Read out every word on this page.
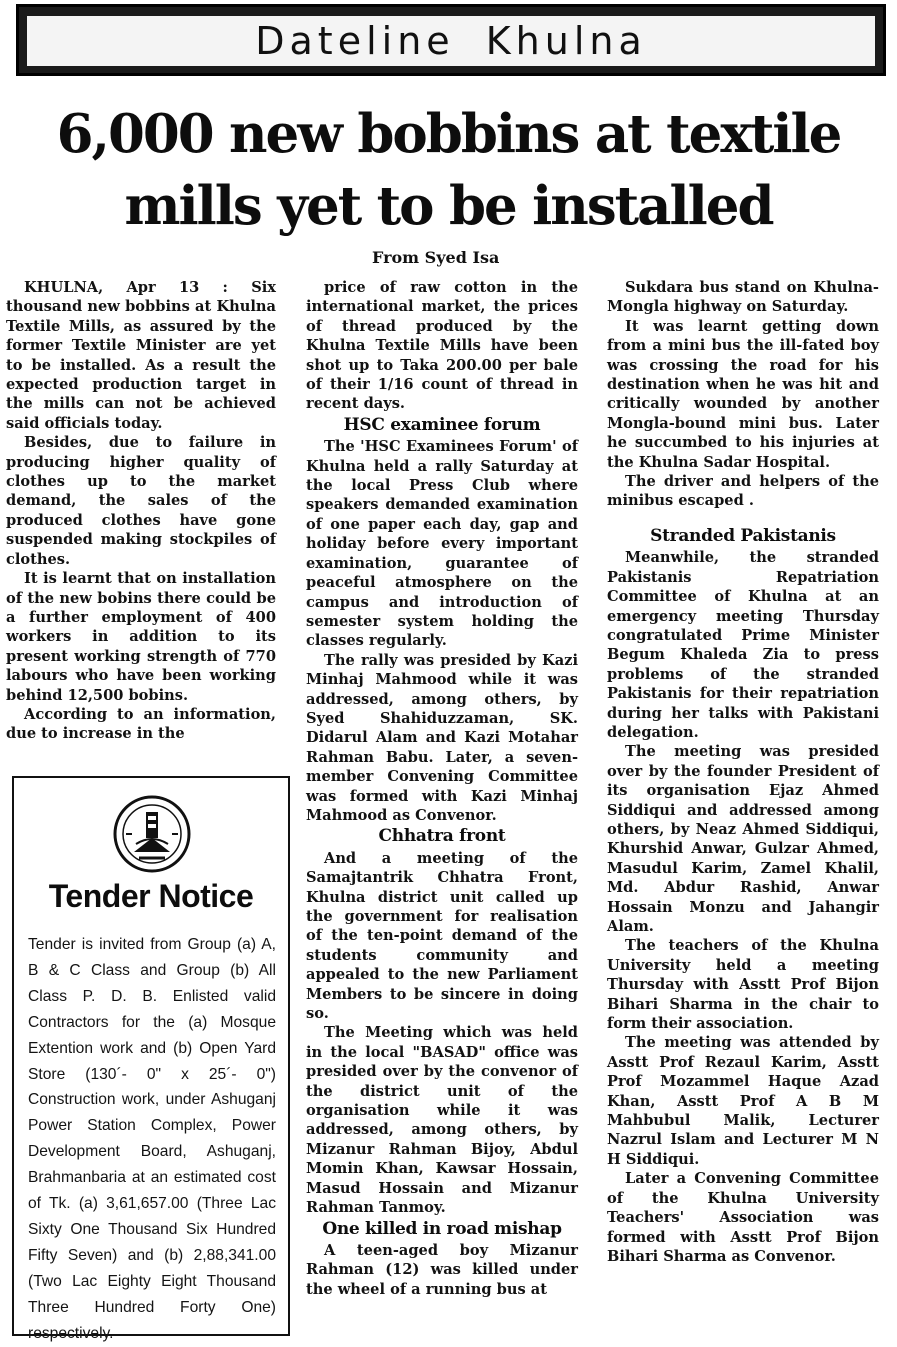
Dateline Khulna
6,000 new bobbins at textile
mills yet to be installed
From Syed Isa

KHULNA, Apr 13 : Six thousand new bobbins at Khulna Textile Mills, as assured by the former Textile Minister are yet to be installed. As a result the expected production target in the mills can not be achieved said officials today.

Besides, due to failure in producing higher quality of clothes up to the market demand, the sales of the produced clothes have gone suspended making stockpiles of clothes.

It is learnt that on installation of the new bobins there could be a further employment of 400 workers in addition to its present working strength of 770 labours who have been working behind 12,500 bobins.

According to an information, due to increase in the

price of raw cotton in the international market, the prices of thread produced by the Khulna Textile Mills have been shot up to Taka 200.00 per bale of their 1/16 count of thread in recent days.

HSC examinee forum

The 'HSC Examinees Forum' of Khulna held a rally Saturday at the local Press Club where speakers demanded examination of one paper each day, gap and holiday before every important examination, guarantee of peaceful atmosphere on the campus and introduction of semester system holding the classes regularly.

The rally was presided by Kazi Minhaj Mahmood while it was addressed, among others, by Syed Shahiduzzaman, SK. Didarul Alam and Kazi Motahar Rahman Babu. Later, a seven-member Convening Committee was formed with Kazi Minhaj Mahmood as Convenor.

Chhatra front

And a meeting of the Samajtantrik Chhatra Front, Khulna district unit called up the government for realisation of the ten-point demand of the students community and appealed to the new Parliament Members to be sincere in doing so.

The Meeting which was held in the local "BASAD" office was presided over by the convenor of the district unit of the organisation while it was addressed, among others, by Mizanur Rahman Bijoy, Abdul Momin Khan, Kawsar Hossain, Masud Hossain and Mizanur Rahman Tanmoy.

One killed in road mishap

A teen-aged boy Mizanur Rahman (12) was killed under the wheel of a running bus at

Sukdara bus stand on Khulna-Mongla highway on Saturday.

It was learnt getting down from a mini bus the ill-fated boy was crossing the road for his destination when he was hit and critically wounded by another Mongla-bound mini bus. Later he succumbed to his injuries at the Khulna Sadar Hospital.

The driver and helpers of the minibus escaped .

Stranded Pakistanis

Meanwhile, the stranded Pakistanis Repatriation Committee of Khulna at an emergency meeting Thursday congratulated Prime Minister Begum Khaleda Zia to press problems of the stranded Pakistanis for their repatriation during her talks with Pakistani delegation.

The meeting was presided over by the founder President of its organisation Ejaz Ahmed Siddiqui and addressed among others, by Neaz Ahmed Siddiqui, Khurshid Anwar, Gulzar Ahmed, Masudul Karim, Zamel Khalil, Md. Abdur Rashid, Anwar Hossain Monzu and Jahangir Alam.

The teachers of the Khulna University held a meeting Thursday with Asstt Prof Bijon Bihari Sharma in the chair to form their association.

The meeting was attended by Asstt Prof Rezaul Karim, Asstt Prof Mozammel Haque Azad Khan, Asstt Prof A B M Mahbubul Malik, Lecturer Nazrul Islam and Lecturer M N H Siddiqui.

Later a Convening Committee of the Khulna University Teachers' Association was formed with Asstt Prof Bijon Bihari Sharma as Convenor.

Tender Notice
Tender is invited from Group (a) A, B & C Class and Group (b) All Class P. D. B. Enlisted valid Contractors for the (a) Mosque Extention work and (b) Open Yard Store (130´- 0" x 25´- 0") Construction work, under Ashuganj Power Station Complex, Power Development Board, Ashuganj, Brahmanbaria at an estimated cost of Tk. (a) 3,61,657.00 (Three Lac Sixty One Thousand Six Hundred Fifty Seven) and (b) 2,88,341.00 (Two Lac Eighty Eight Thousand Three Hundred Forty One) respectively.
